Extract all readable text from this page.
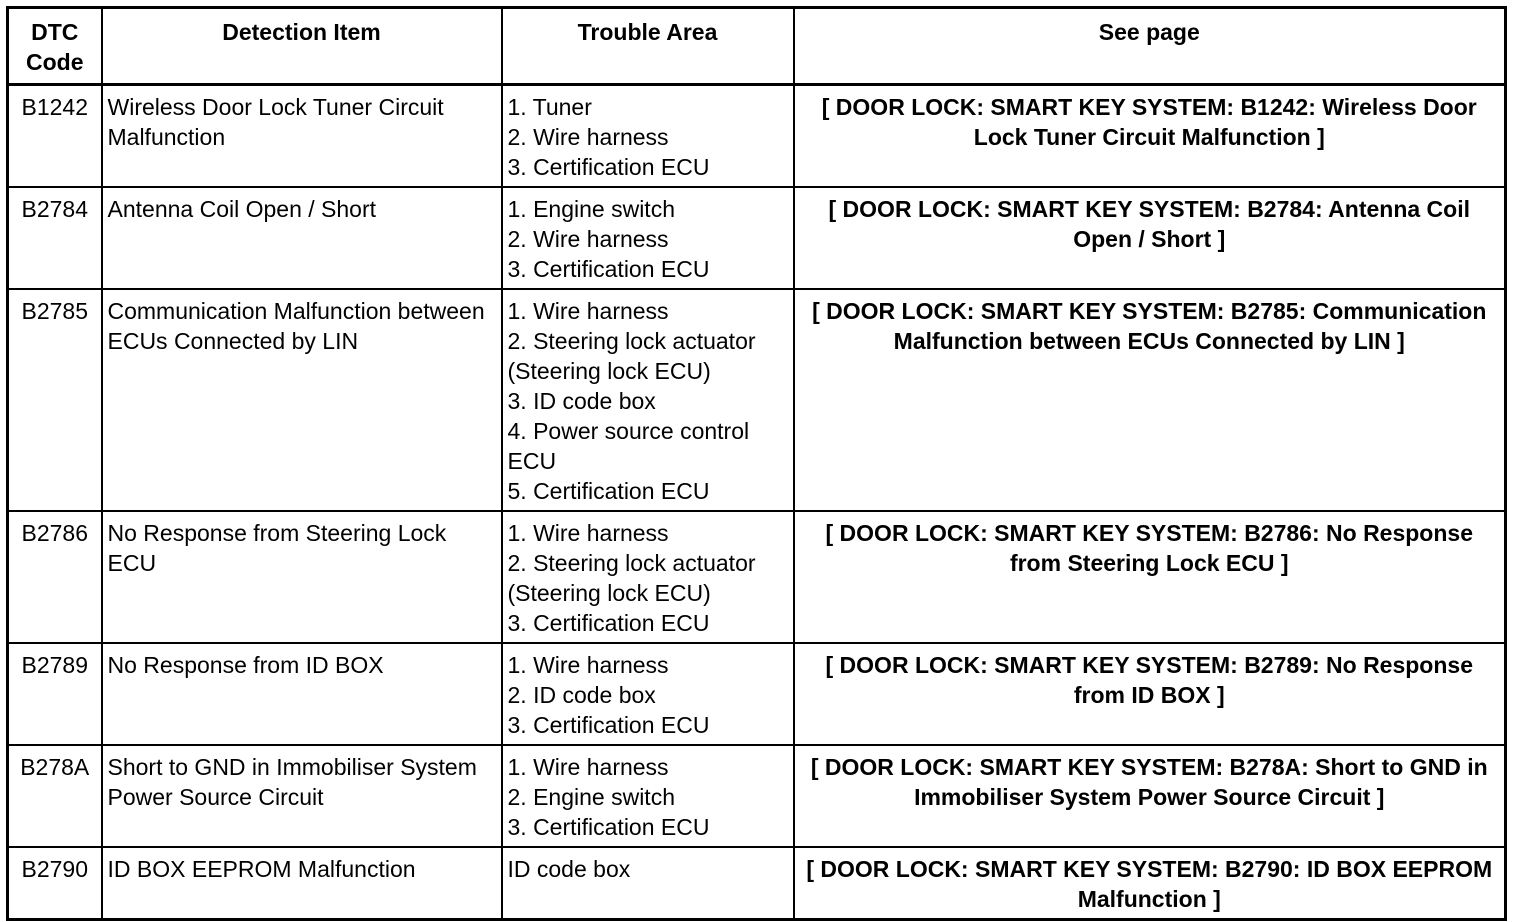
DTC
Code	Detection Item	Trouble Area	See page
B1242	Wireless Door Lock Tuner Circuit Malfunction	1. Tuner
2. Wire harness
3. Certification ECU	[ DOOR LOCK: SMART KEY SYSTEM: B1242: Wireless Door Lock Tuner Circuit Malfunction ]
B2784	Antenna Coil Open / Short	1. Engine switch
2. Wire harness
3. Certification ECU	[ DOOR LOCK: SMART KEY SYSTEM: B2784: Antenna Coil Open / Short ]
B2785	Communication Malfunction between ECUs Connected by LIN	1. Wire harness
2. Steering lock actuator (Steering lock ECU)
3. ID code box
4. Power source control ECU
5. Certification ECU	[ DOOR LOCK: SMART KEY SYSTEM: B2785: Communication Malfunction between ECUs Connected by LIN ]
B2786	No Response from Steering Lock ECU	1. Wire harness
2. Steering lock actuator (Steering lock ECU)
3. Certification ECU	[ DOOR LOCK: SMART KEY SYSTEM: B2786: No Response from Steering Lock ECU ]
B2789	No Response from ID BOX	1. Wire harness
2. ID code box
3. Certification ECU	[ DOOR LOCK: SMART KEY SYSTEM: B2789: No Response from ID BOX ]
B278A	Short to GND in Immobiliser System Power Source Circuit	1. Wire harness
2. Engine switch
3. Certification ECU	[ DOOR LOCK: SMART KEY SYSTEM: B278A: Short to GND in Immobiliser System Power Source Circuit ]
B2790	ID BOX EEPROM Malfunction	ID code box	[ DOOR LOCK: SMART KEY SYSTEM: B2790: ID BOX EEPROM Malfunction ]
